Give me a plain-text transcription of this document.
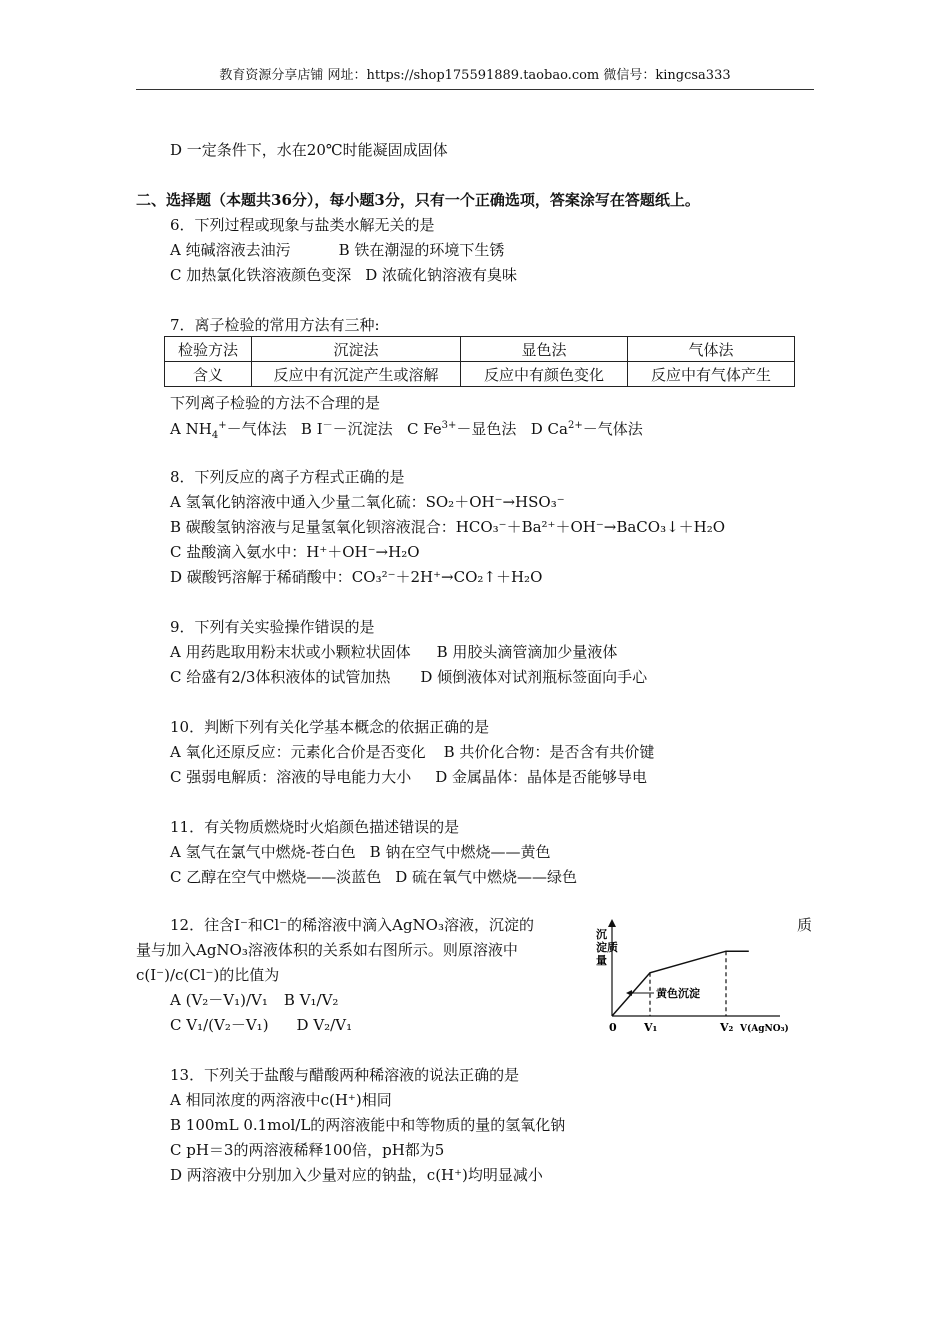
教育资源分享店铺 网址：https://shop175591889.taobao.com 微信号：kingcsa333
D 一定条件下，水在20℃时能凝固成固体
二、选择题（本题共36分），每小题3分，只有一个正确选项，答案涂写在答题纸上。
6．下列过程或现象与盐类水解无关的是
A 纯碱溶液去油污	B 铁在潮湿的环境下生锈
C 加热氯化铁溶液颜色变深 D 浓硫化钠溶液有臭味
7．离子检验的常用方法有三种:
检验方法	沉淀法	显色法	气体法
含义	反应中有沉淀产生或溶解	反应中有颜色变化	反应中有气体产生
下列离子检验的方法不合理的是
A $NH_4^+-$气体法 B I－－沉淀法 C $Fe^{3+}-$显色法 D $Ca^{2+}-$气体法
8．下列反应的离子方程式正确的是
A 氢氧化钠溶液中通入少量二氧化硫：SO₂＋OH⁻→HSO₃⁻
B 碳酸氢钠溶液与足量氢氧化钡溶液混合：HCO₃⁻＋Ba²⁺＋OH⁻→BaCO₃↓＋H₂O
C 盐酸滴入氨水中：H⁺＋OH⁻→H₂O
D 碳酸钙溶解于稀硝酸中：CO₃²⁻＋2H⁺→CO₂↑＋H₂O
9．下列有关实验操作错误的是
A 用药匙取用粉末状或小颗粒状固体 B 用胶头滴管滴加少量液体
C 给盛有2/3体积液体的试管加热 D 倾倒液体对试剂瓶标签面向手心
10．判断下列有关化学基本概念的依据正确的是
A 氧化还原反应：元素化合价是否变化 B 共价化合物：是否含有共价键
C 强弱电解质：溶液的导电能力大小 D 金属晶体：晶体是否能够导电
11．有关物质燃烧时火焰颜色描述错误的是
A 氢气在氯气中燃烧-苍白色 B 钠在空气中燃烧——黄色
C 乙醇在空气中燃烧——淡蓝色 D 硫在氧气中燃烧——绿色
12．往含I⁻和Cl⁻的稀溶液中滴入AgNO₃溶液，沉淀的	质
量与加入AgNO₃溶液体积的关系如右图所示。则原溶液中
c(I⁻)/c(Cl⁻)的比值为
A (V₂－V₁)/V₁ B V₁/V₂
C V₁/(V₂－V₁) D V₂/V₁
沉
淀质
量
黄色沉淀
0 V₁	V₂ V(AgNO₃)
13．下列关于盐酸与醋酸两种稀溶液的说法正确的是
A 相同浓度的两溶液中c(H⁺)相同
B 100mL 0.1mol/L的两溶液能中和等物质的量的氢氧化钠
C pH＝3的两溶液稀释100倍，pH都为5
D 两溶液中分别加入少量对应的钠盐，c(H⁺)均明显减小
